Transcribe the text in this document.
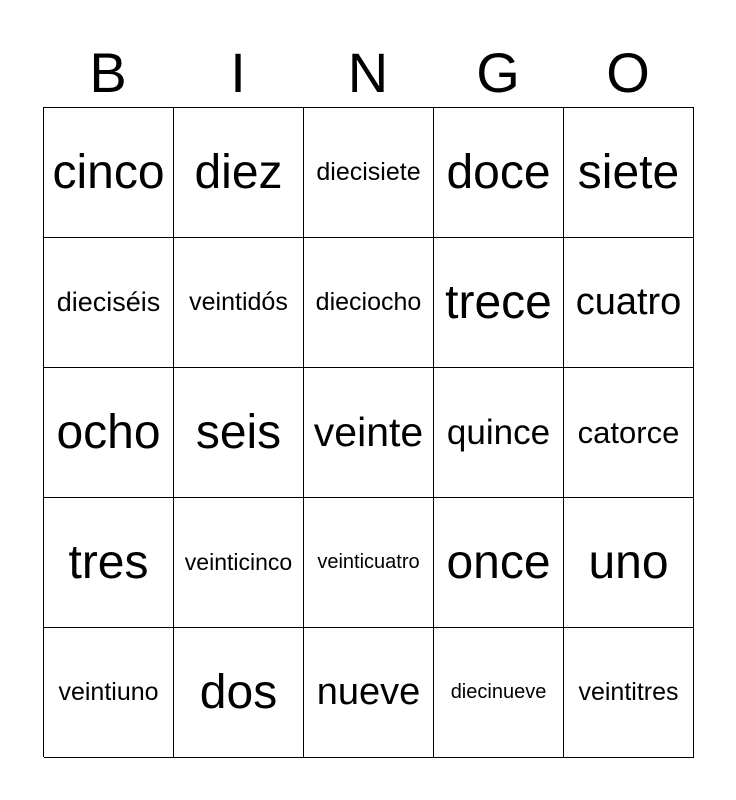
B	I	N	G	O
cinco diez diecisiete doce siete
dieciséis veintidós dieciocho trece cuatro
ocho seis veinte quince catorce
tres veinticinco veinticuatro once uno
veintiuno dos nueve diecinueve veintitres
